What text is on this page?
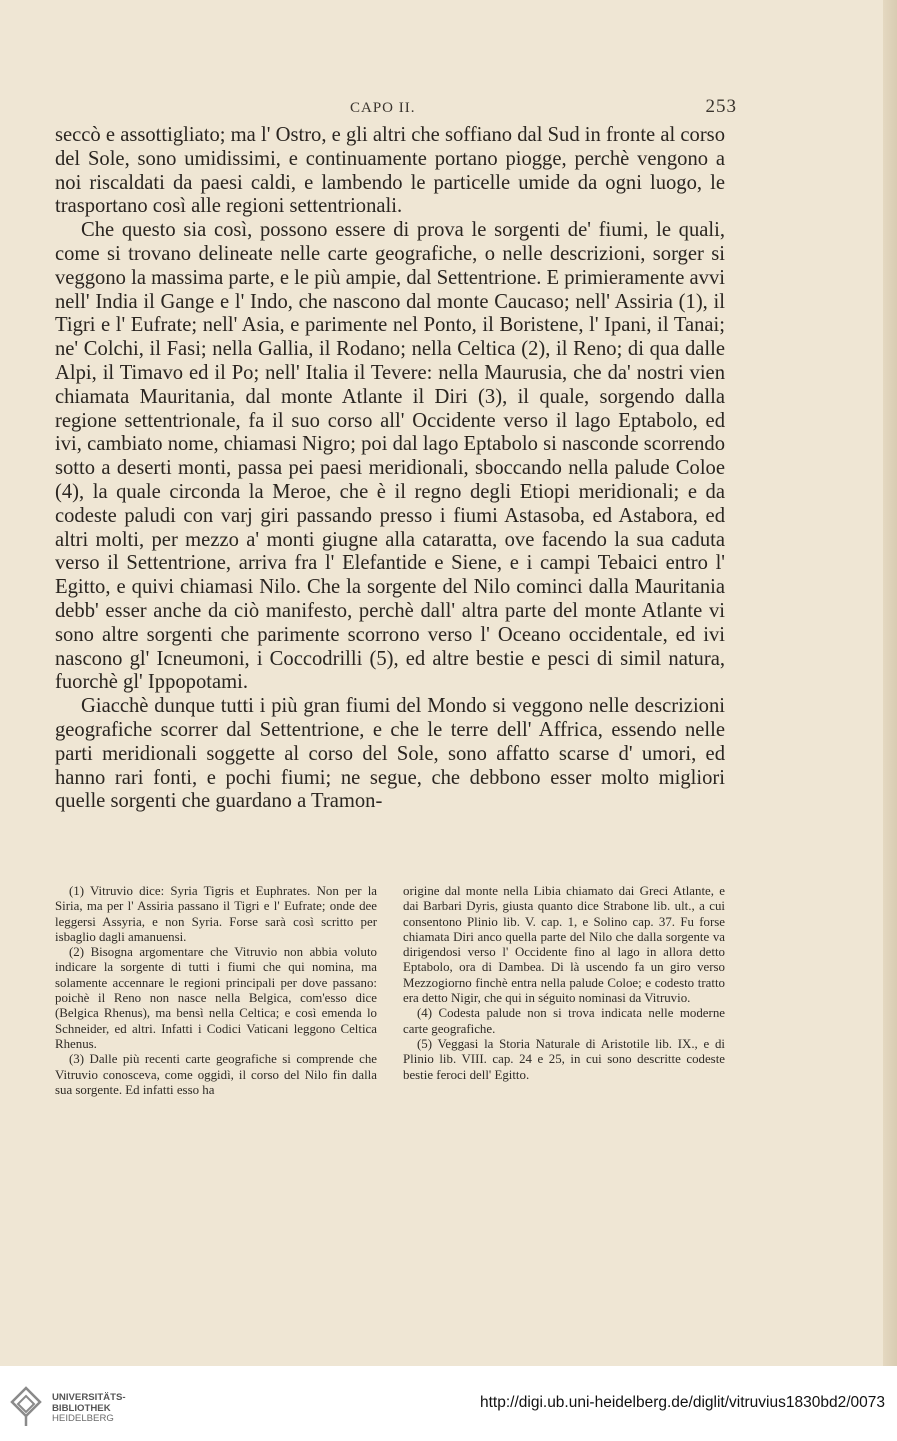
CAPO II.	253

seccò e assottigliato; ma l' Ostro, e gli altri che soffiano dal Sud in fronte al corso del Sole, sono umidissimi, e continuamente portano piogge, perchè vengono a noi riscaldati da paesi caldi, e lambendo le particelle umide da ogni luogo, le trasportano così alle regioni settentrionali.

Che questo sia così, possono essere di prova le sorgenti de' fiumi, le quali, come si trovano delineate nelle carte geografiche, o nelle descrizioni, sorger si veggono la massima parte, e le più ampie, dal Settentrione. E primieramente avvi nell' India il Gange e l' Indo, che nascono dal monte Caucaso; nell' Assiria (1), il Tigri e l' Eufrate; nell' Asia, e parimente nel Ponto, il Boristene, l' Ipani, il Tanai; ne' Colchi, il Fasi; nella Gallia, il Rodano; nella Celtica (2), il Reno; di qua dalle Alpi, il Timavo ed il Po; nell' Italia il Tevere: nella Maurusia, che da' nostri vien chiamata Mauritania, dal monte Atlante il Diri (3), il quale, sorgendo dalla regione settentrionale, fa il suo corso all' Occidente verso il lago Eptabolo, ed ivi, cambiato nome, chiamasi Nigro; poi dal lago Eptabolo si nasconde scorrendo sotto a deserti monti, passa pei paesi meridionali, sboccando nella palude Coloe (4), la quale circonda la Meroe, che è il regno degli Etiopi meridionali; e da codeste paludi con varj giri passando presso i fiumi Astasoba, ed Astabora, ed altri molti, per mezzo a' monti giugne alla cataratta, ove facendo la sua caduta verso il Settentrione, arriva fra l' Elefantide e Siene, e i campi Tebaici entro l' Egitto, e quivi chiamasi Nilo. Che la sorgente del Nilo cominci dalla Mauritania debb' esser anche da ciò manifesto, perchè dall' altra parte del monte Atlante vi sono altre sorgenti che parimente scorrono verso l' Oceano occidentale, ed ivi nascono gl' Icneumoni, i Coccodrilli (5), ed altre bestie e pesci di simil natura, fuorchè gl' Ippopotami.

Giacchè dunque tutti i più gran fiumi del Mondo si veggono nelle descrizioni geografiche scorrer dal Settentrione, e che le terre dell' Affrica, essendo nelle parti meridionali soggette al corso del Sole, sono affatto scarse d' umori, ed hanno rari fonti, e pochi fiumi; ne segue, che debbono esser molto migliori quelle sorgenti che guardano a Tramon-

(1) Vitruvio dice: Syria Tigris et Euphrates. Non per la Siria, ma per l' Assiria passano il Tigri e l' Eufrate; onde dee leggersi Assyria, e non Syria. Forse sarà così scritto per isbaglio dagli amanuensi.

(2) Bisogna argomentare che Vitruvio non abbia voluto indicare la sorgente di tutti i fiumi che qui nomina, ma solamente accennare le regioni principali per dove passano: poichè il Reno non nasce nella Belgica, com'esso dice (Belgica Rhenus), ma bensì nella Celtica; e così emenda lo Schneider, ed altri. Infatti i Codici Vaticani leggono Celtica Rhenus.

(3) Dalle più recenti carte geografiche si comprende che Vitruvio conosceva, come oggidì, il corso del Nilo fin dalla sua sorgente. Ed infatti esso ha

origine dal monte nella Libia chiamato dai Greci Atlante, e dai Barbari Dyris, giusta quanto dice Strabone lib. ult., a cui consentono Plinio lib. V. cap. 1, e Solino cap. 37. Fu forse chiamata Diri anco quella parte del Nilo che dalla sorgente va dirigendosi verso l' Occidente fino al lago in allora detto Eptabolo, ora di Dambea. Di là uscendo fa un giro verso Mezzogiorno finchè entra nella palude Coloe; e codesto tratto era detto Nigir, che qui in séguito nominasi da Vitruvio.

(4) Codesta palude non si trova indicata nelle moderne carte geografiche.

(5) Veggasi la Storia Naturale di Aristotile lib. IX., e di Plinio lib. VIII. cap. 24 e 25, in cui sono descritte codeste bestie feroci dell' Egitto.

UNIVERSITÄTS-
BIBLIOTHEK
HEIDELBERG
http://digi.ub.uni-heidelberg.de/diglit/vitruvius1830bd2/0073
